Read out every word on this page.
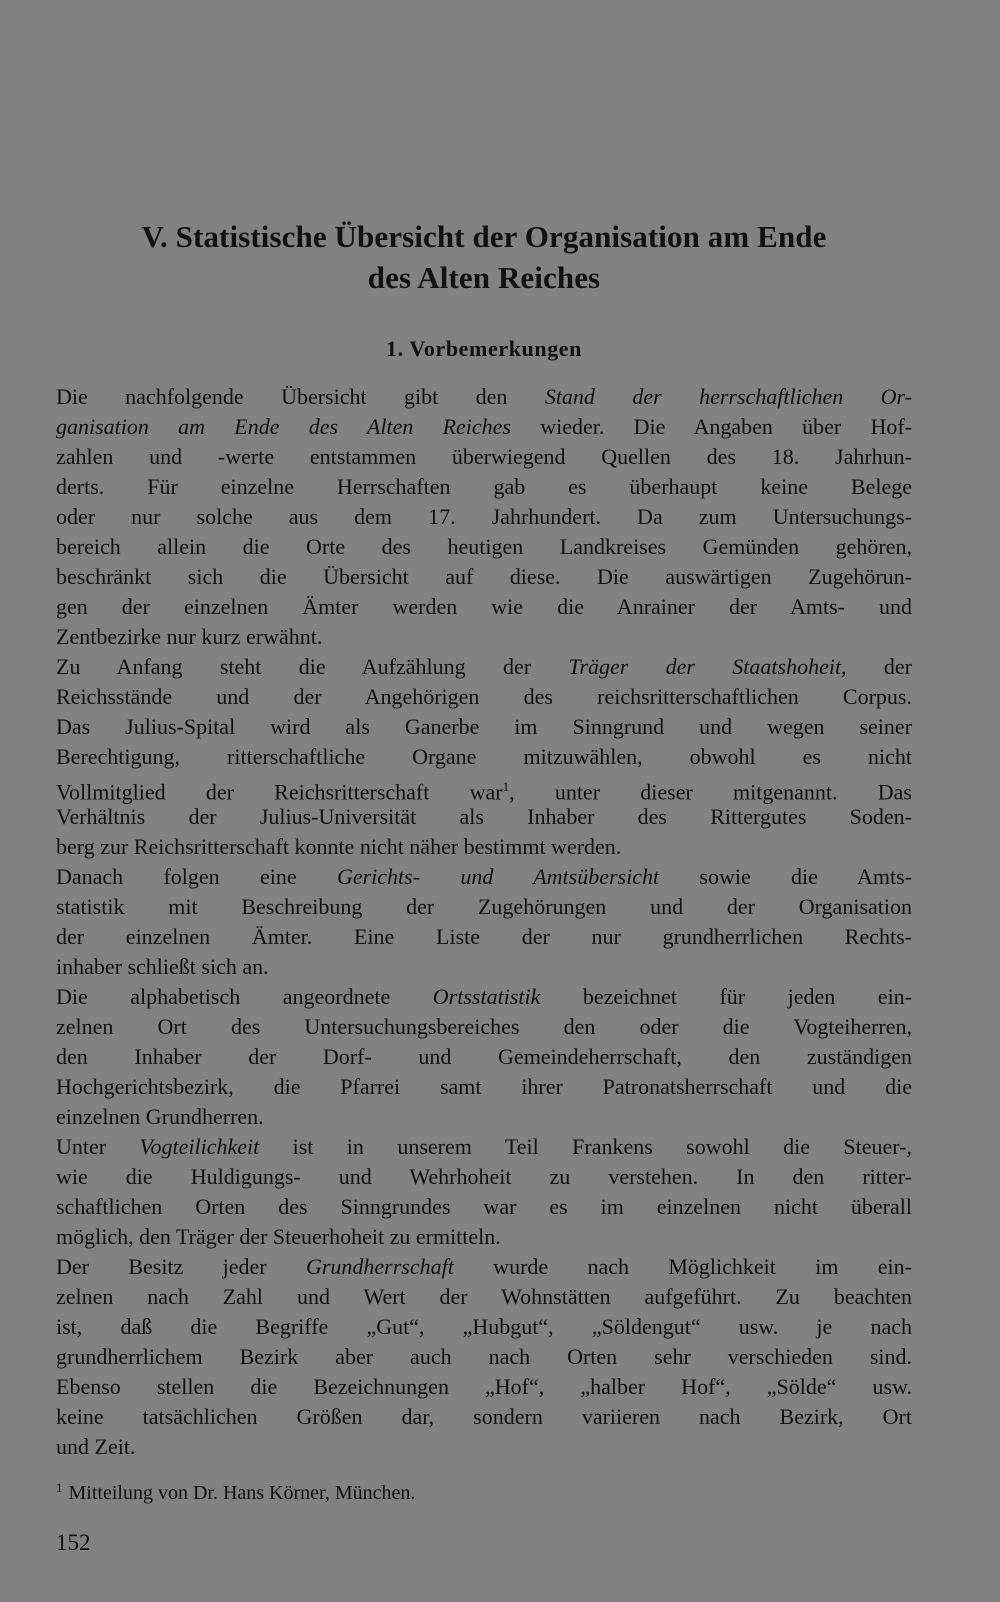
V. Statistische Übersicht der Organisation am Ende
des Alten Reiches
1. Vorbemerkungen
Die nachfolgende Übersicht gibt den Stand der herrschaftlichen Or-
ganisation am Ende des Alten Reiches wieder. Die Angaben über Hof-
zahlen und -werte entstammen überwiegend Quellen des 18. Jahrhun-
derts. Für einzelne Herrschaften gab es überhaupt keine Belege
oder nur solche aus dem 17. Jahrhundert. Da zum Untersuchungs-
bereich allein die Orte des heutigen Landkreises Gemünden gehören,
beschränkt sich die Übersicht auf diese. Die auswärtigen Zugehörun-
gen der einzelnen Ämter werden wie die Anrainer der Amts- und
Zentbezirke nur kurz erwähnt.
Zu Anfang steht die Aufzählung der Träger der Staatshoheit, der
Reichsstände und der Angehörigen des reichsritterschaftlichen Corpus.
Das Julius-Spital wird als Ganerbe im Sinngrund und wegen seiner
Berechtigung, ritterschaftliche Organe mitzuwählen, obwohl es nicht
Vollmitglied der Reichsritterschaft war$^1$, unter dieser mitgenannt. Das
Verhältnis der Julius-Universität als Inhaber des Rittergutes Soden-
berg zur Reichsritterschaft konnte nicht näher bestimmt werden.
Danach folgen eine Gerichts- und Amtsübersicht sowie die Amts-
statistik mit Beschreibung der Zugehörungen und der Organisation
der einzelnen Ämter. Eine Liste der nur grundherrlichen Rechts-
inhaber schließt sich an.
Die alphabetisch angeordnete Ortsstatistik bezeichnet für jeden ein-
zelnen Ort des Untersuchungsbereiches den oder die Vogteiherren,
den Inhaber der Dorf- und Gemeindeherrschaft, den zuständigen
Hochgerichtsbezirk, die Pfarrei samt ihrer Patronatsherrschaft und die
einzelnen Grundherren.
Unter Vogteilichkeit ist in unserem Teil Frankens sowohl die Steuer-,
wie die Huldigungs- und Wehrhoheit zu verstehen. In den ritter-
schaftlichen Orten des Sinngrundes war es im einzelnen nicht überall
möglich, den Träger der Steuerhoheit zu ermitteln.
Der Besitz jeder Grundherrschaft wurde nach Möglichkeit im ein-
zelnen nach Zahl und Wert der Wohnstätten aufgeführt. Zu beachten
ist, daß die Begriffe „Gut“, „Hubgut“, „Söldengut“ usw. je nach
grundherrlichem Bezirk aber auch nach Orten sehr verschieden sind.
Ebenso stellen die Bezeichnungen „Hof“, „halber Hof“, „Sölde“ usw.
keine tatsächlichen Größen dar, sondern variieren nach Bezirk, Ort
und Zeit.
$^1$ Mitteilung von Dr. Hans Körner, München.
152
